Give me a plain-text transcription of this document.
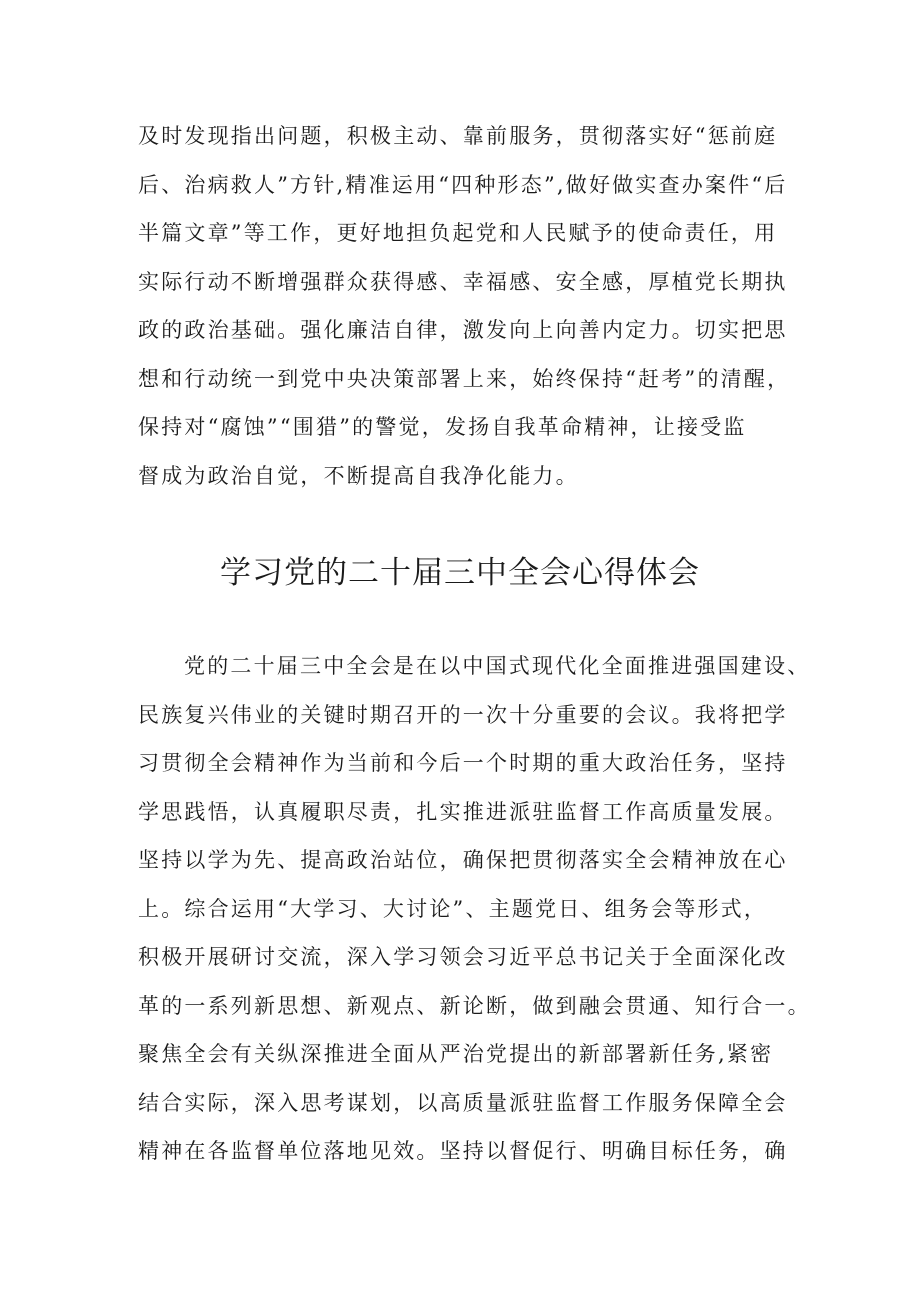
及时发现指出问题，积极主动、靠前服务，贯彻落实好“惩前庭
后、治病救人”方针,精准运用“四种形态”,做好做实查办案件“后
半篇文章”等工作，更好地担负起党和人民赋予的使命责任，用
实际行动不断增强群众获得感、幸福感、安全感，厚植党长期执
政的政治基础。强化廉洁自律，激发向上向善内定力。切实把思
想和行动统一到党中央决策部署上来，始终保持“赶考”的清醒，
保持对“腐蚀”“围猎”的警觉，发扬自我革命精神，让接受监
督成为政治自觉，不断提高自我净化能力。
学习党的二十届三中全会心得体会
党的二十届三中全会是在以中国式现代化全面推进强国建设、
民族复兴伟业的关键时期召开的一次十分重要的会议。我将把学
习贯彻全会精神作为当前和今后一个时期的重大政治任务，坚持
学思践悟，认真履职尽责，扎实推进派驻监督工作高质量发展。
坚持以学为先、提高政治站位，确保把贯彻落实全会精神放在心
上。综合运用“大学习、大讨论”、主题党日、组务会等形式，
积极开展研讨交流，深入学习领会习近平总书记关于全面深化改
革的一系列新思想、新观点、新论断，做到融会贯通、知行合一。
聚焦全会有关纵深推进全面从严治党提出的新部署新任务,紧密
结合实际，深入思考谋划，以高质量派驻监督工作服务保障全会
精神在各监督单位落地见效。坚持以督促行、明确目标任务，确
